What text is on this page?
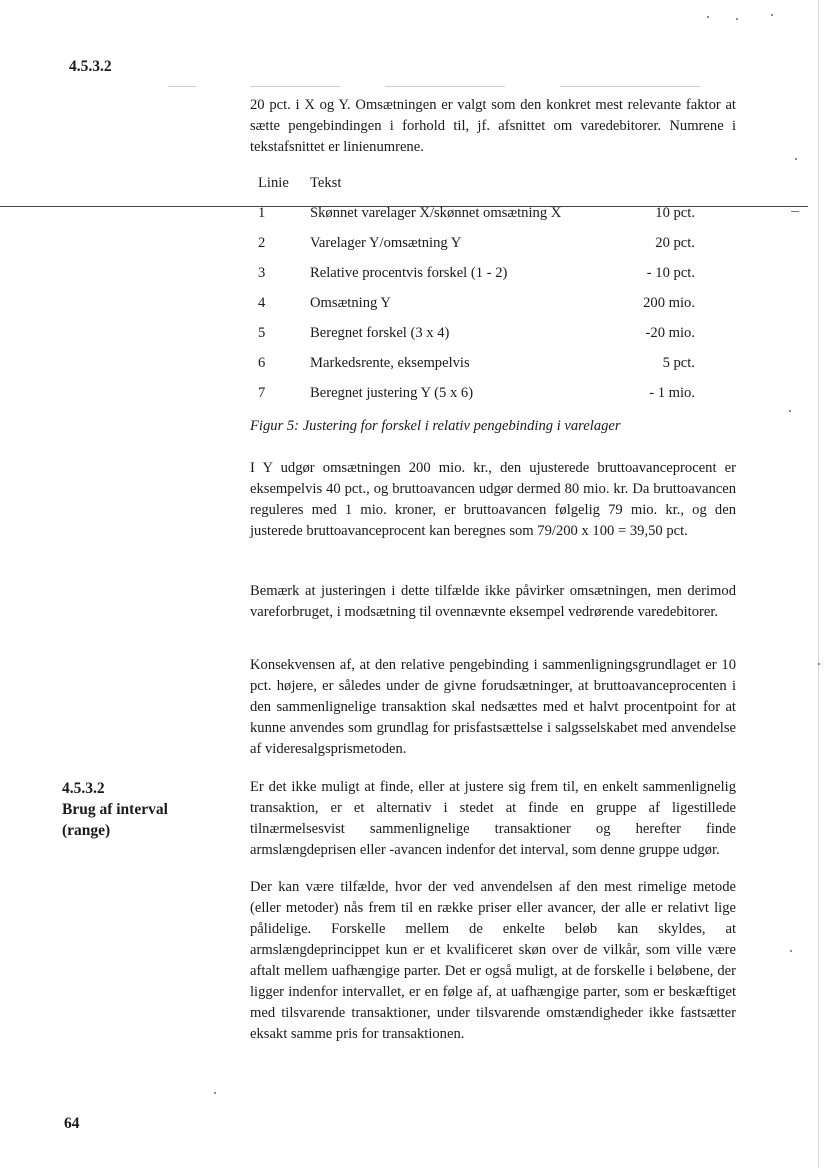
4.5.3.2

20 pct. i X og Y. Omsætningen er valgt som den konkret mest relevante faktor at sætte pengebindingen i forhold til, jf. afsnittet om varedebitorer. Numrene i tekstafsnittet er linienumrene.

Linie Tekst
1	Skønnet varelager X/skønnet omsætning X	10 pct.
2	Varelager Y/omsætning Y	20 pct.
3	Relative procentvis forskel (1 - 2)	- 10 pct.
4	Omsætning Y	200 mio.
5	Beregnet forskel (3 x 4)	-20 mio.
6	Markedsrente, eksempelvis	5 pct.
7	Beregnet justering Y (5 x 6)	- 1 mio.
Figur 5: Justering for forskel i relativ pengebinding i varelager

I Y udgør omsætningen 200 mio. kr., den ujusterede bruttoavanceprocent er eksempelvis 40 pct., og bruttoavancen udgør dermed 80 mio. kr. Da bruttoavancen reguleres med 1 mio. kroner, er bruttoavancen følgelig 79 mio. kr., og den justerede bruttoavanceprocent kan beregnes som 79/200 x 100 = 39,50 pct.

Bemærk at justeringen i dette tilfælde ikke påvirker omsætningen, men derimod vareforbruget, i modsætning til ovennævnte eksempel vedrørende varedebitorer.

Konsekvensen af, at den relative pengebinding i sammenligningsgrundlaget er 10 pct. højere, er således under de givne forudsætninger, at bruttoavanceprocenten i den sammenlignelige transaktion skal nedsættes med et halvt procentpoint for at kunne anvendes som grundlag for prisfastsættelse i salgsselskabet med anvendelse af videresalgsprismetoden.

4.5.3.2
Brug af interval
(range)

Er det ikke muligt at finde, eller at justere sig frem til, en enkelt sammenlignelig transaktion, er et alternativ i stedet at finde en gruppe af ligestillede tilnærmelsesvist sammenlignelige transaktioner og herefter finde armslængdeprisen eller -avancen indenfor det interval, som denne gruppe udgør.

Der kan være tilfælde, hvor der ved anvendelsen af den mest rimelige metode (eller metoder) nås frem til en række priser eller avancer, der alle er relativt lige pålidelige. Forskelle mellem de enkelte beløb kan skyldes, at armslængdeprincippet kun er et kvalificeret skøn over de vilkår, som ville være aftalt mellem uafhængige parter. Det er også muligt, at de forskelle i beløbene, der ligger indenfor intervallet, er en følge af, at uafhængige parter, som er beskæftiget med tilsvarende transaktioner, under tilsvarende omstændigheder ikke fastsætter eksakt samme pris for transaktionen.

64
